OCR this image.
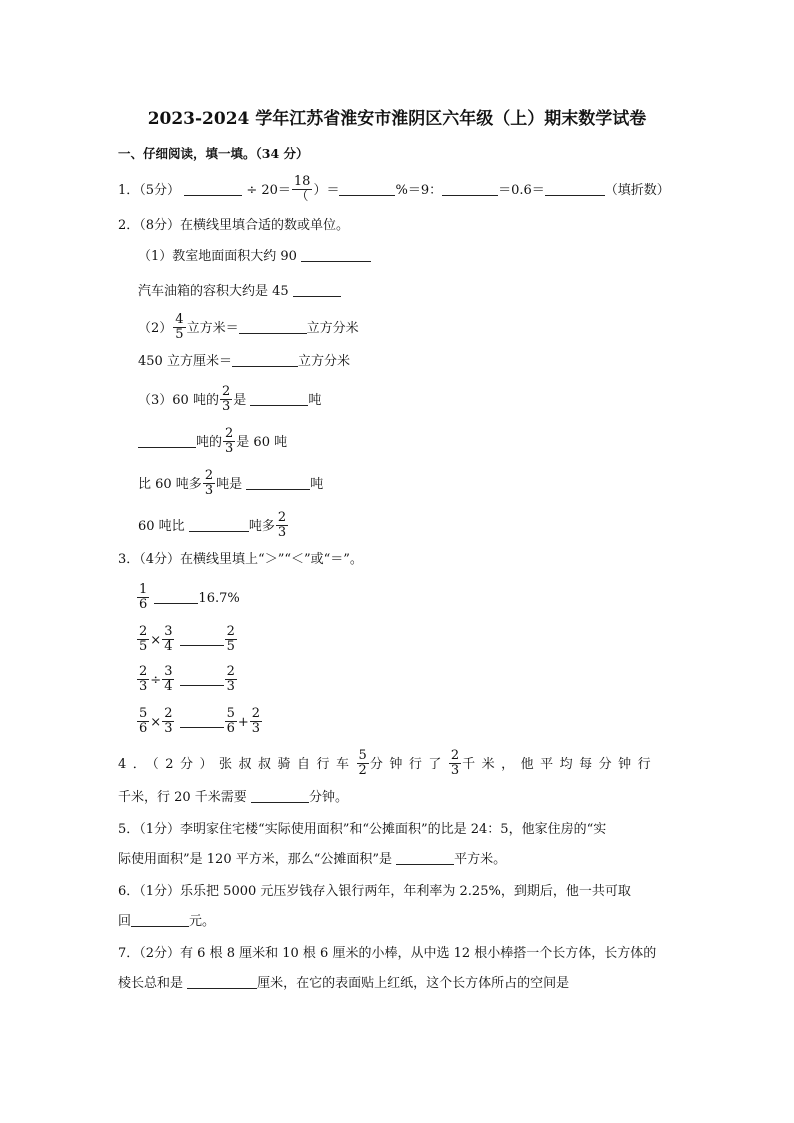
2023-2024 学年江苏省淮安市淮阴区六年级（上）期末数学试卷
一、仔细阅读，填一填。（34 分）
1．（5分）	÷ $20= \frac{18}{(}$ ）＝	%＝9：	＝0.6＝	（填折数）
2．（8分）在横线里填合适的数或单位。
（1）教室地面面积大约 90
汽车油箱的容积大约是 45
$(2) \frac{4}{5}$ 立方米＝	立方分米
450 立方厘米＝	立方分米
（3）60 吨的 $\frac{2}{3}$ 是	吨
吨的 $\frac{2}{3}$ 是 60 吨
比 60 吨多 $\frac{2}{3}$ 吨是	吨
60 吨比	吨多 $\frac{2}{3}$
3．（4分）在横线里填上“＞”“＜”或“＝”。
$\frac{1}{6}$	16.7%
$\frac{2}{5} \times \frac{3}{4}$
	$\frac{2}{5}$
$\frac{2}{3} \div \frac{3}{4}$
	$\frac{2}{3}$
$\frac{5}{6} \times \frac{2}{3}$
	$\frac{5}{6} + \frac{2}{3}$
4．（2分）张叔叔骑自行车 $\frac{5}{2}$ 分钟行了 $\frac{2}{3}$ 千米，他平均每分钟行
千米，行 20 千米需要	分钟。
5．（1分）李明家住宅楼“实际使用面积”和“公摊面积”的比是 24：5，他家住房的“实
际使用面积”是 120 平方米，那么“公摊面积”是	平方米。
6．（1分）乐乐把 5000 元压岁钱存入银行两年，年利率为 2.25%，到期后，他一共可取
回	元。
7．（2分）有 6 根 8 厘米和 10 根 6 厘米的小棒，从中选 12 根小棒搭一个长方体，长方体的
棱长总和是	厘米，在它的表面贴上红纸，这个长方体所占的空间是
